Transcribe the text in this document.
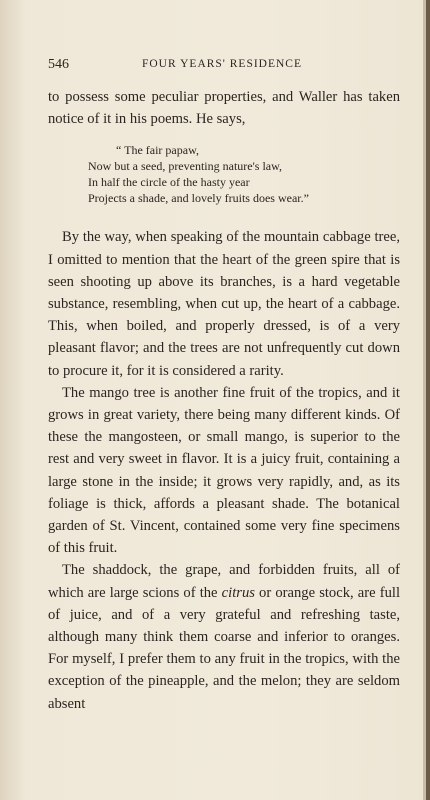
546	FOUR YEARS' RESIDENCE

to possess some peculiar properties, and Waller has taken notice of it in his poems. He says,

“ The fair papaw,
Now but a seed, preventing nature's law,
In half the circle of the hasty year
Projects a shade, and lovely fruits does wear.”

By the way, when speaking of the mountain cabbage tree, I omitted to mention that the heart of the green spire that is seen shooting up above its branches, is a hard vegetable substance, resembling, when cut up, the heart of a cabbage. This, when boiled, and properly dressed, is of a very pleasant flavor; and the trees are not unfrequently cut down to procure it, for it is considered a rarity.

The mango tree is another fine fruit of the tropics, and it grows in great variety, there being many different kinds. Of these the mangosteen, or small mango, is superior to the rest and very sweet in flavor. It is a juicy fruit, containing a large stone in the inside; it grows very rapidly, and, as its foliage is thick, affords a pleasant shade. The botanical garden of St. Vincent, contained some very fine specimens of this fruit.

The shaddock, the grape, and forbidden fruits, all of which are large scions of the citrus or orange stock, are full of juice, and of a very grateful and refreshing taste, although many think them coarse and inferior to oranges. For myself, I prefer them to any fruit in the tropics, with the exception of the pineapple, and the melon; they are seldom absent
